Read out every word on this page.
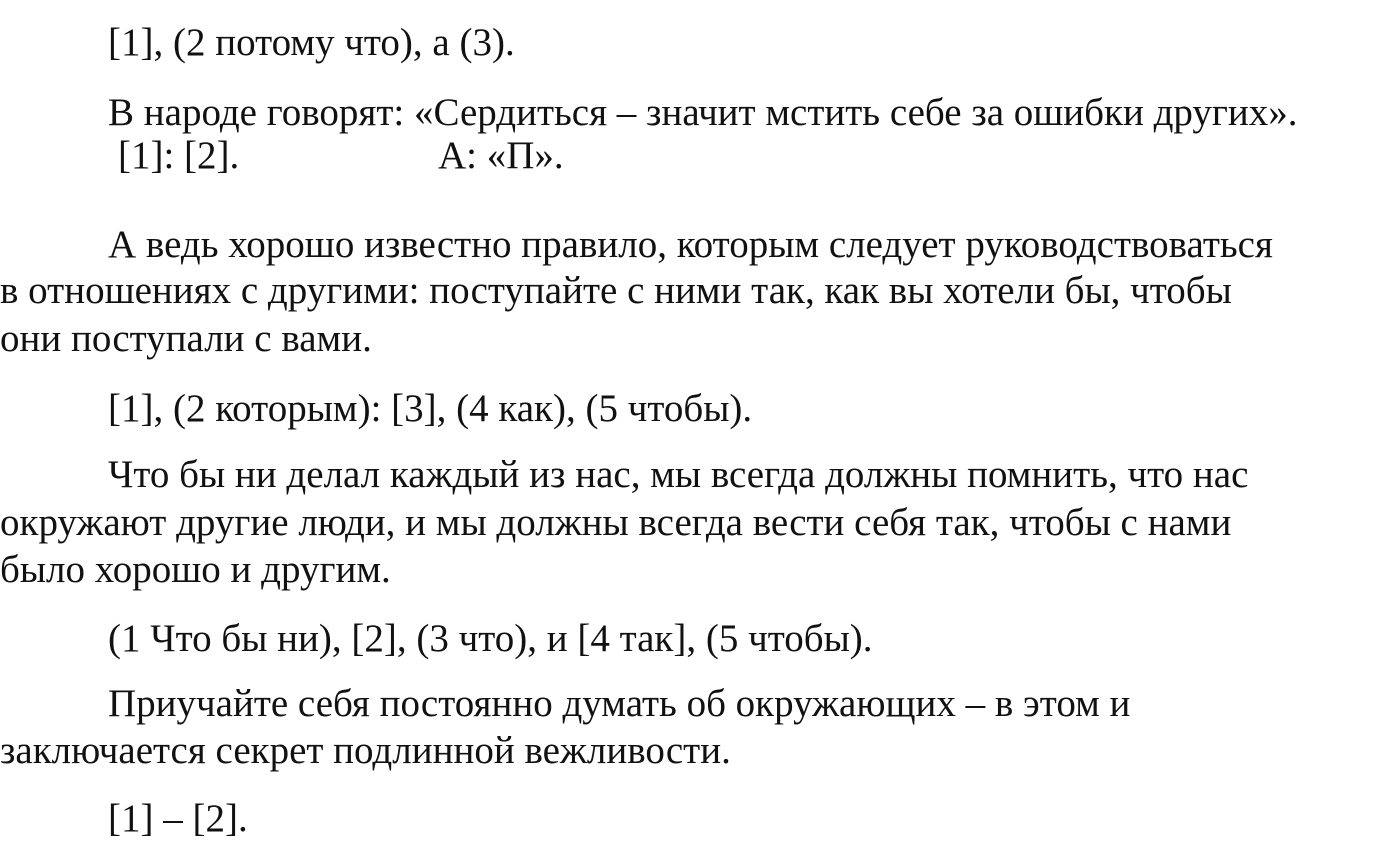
[1], (2 потому что), а (3).
В народе говорят: «Сердиться – значит мстить себе за ошибки других».
[1]: [2].	А: «П».
А ведь хорошо известно правило, которым следует руководствоваться
в отношениях с другими: поступайте с ними так, как вы хотели бы, чтобы
они поступали с вами.
[1], (2 которым): [3], (4 как), (5 чтобы).
Что бы ни делал каждый из нас, мы всегда должны помнить, что нас
окружают другие люди, и мы должны всегда вести себя так, чтобы с нами
было хорошо и другим.
(1 Что бы ни), [2], (3 что), и [4 так], (5 чтобы).
Приучайте себя постоянно думать об окружающих – в этом и
заключается секрет подлинной вежливости.
[1] – [2].
